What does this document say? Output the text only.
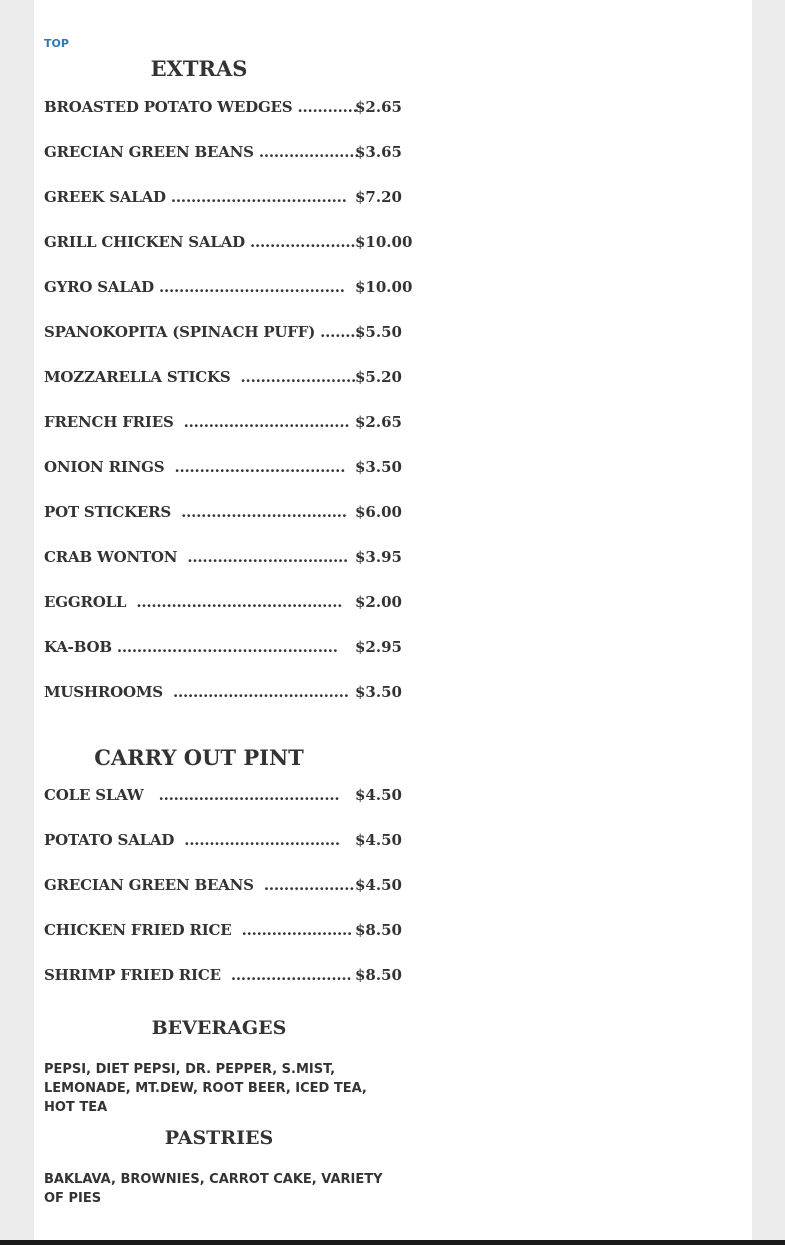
TOP
EXTRAS
BROASTED POTATO WEDGES ............
$2.65
GRECIAN GREEN BEANS ....................
$3.65
GREEK SALAD ................................... $7.20
GRILL CHICKEN SALAD ..................... $10.00
GYRO SALAD ..................................... $10.00
SPANOKOPITA (SPINACH PUFF) ........
$5.50
MOZZARELLA STICKS  .......................
$5.20
FRENCH FRIES  ................................. $2.65
ONION RINGS  .................................. $3.50
POT STICKERS  ................................. $6.00
CRAB WONTON  ................................ $3.95
EGGROLL  ......................................... $2.00
KA-BOB ............................................ $2.95
MUSHROOMS  ................................... $3.50
CARRY OUT PINT
COLE SLAW   .................................... $4.50
POTATO SALAD  ............................... $4.50
GRECIAN GREEN BEANS  .................. $4.50
CHICKEN FRIED RICE  ...................... $8.50
SHRIMP FRIED RICE  ........................ $8.50
BEVERAGES
PEPSI, DIET PEPSI, DR. PEPPER, S.MIST, LEMONADE, MT.DEW, ROOT BEER, ICED TEA, HOT TEA
PASTRIES
BAKLAVA, BROWNIES, CARROT CAKE, VARIETY OF PIES
